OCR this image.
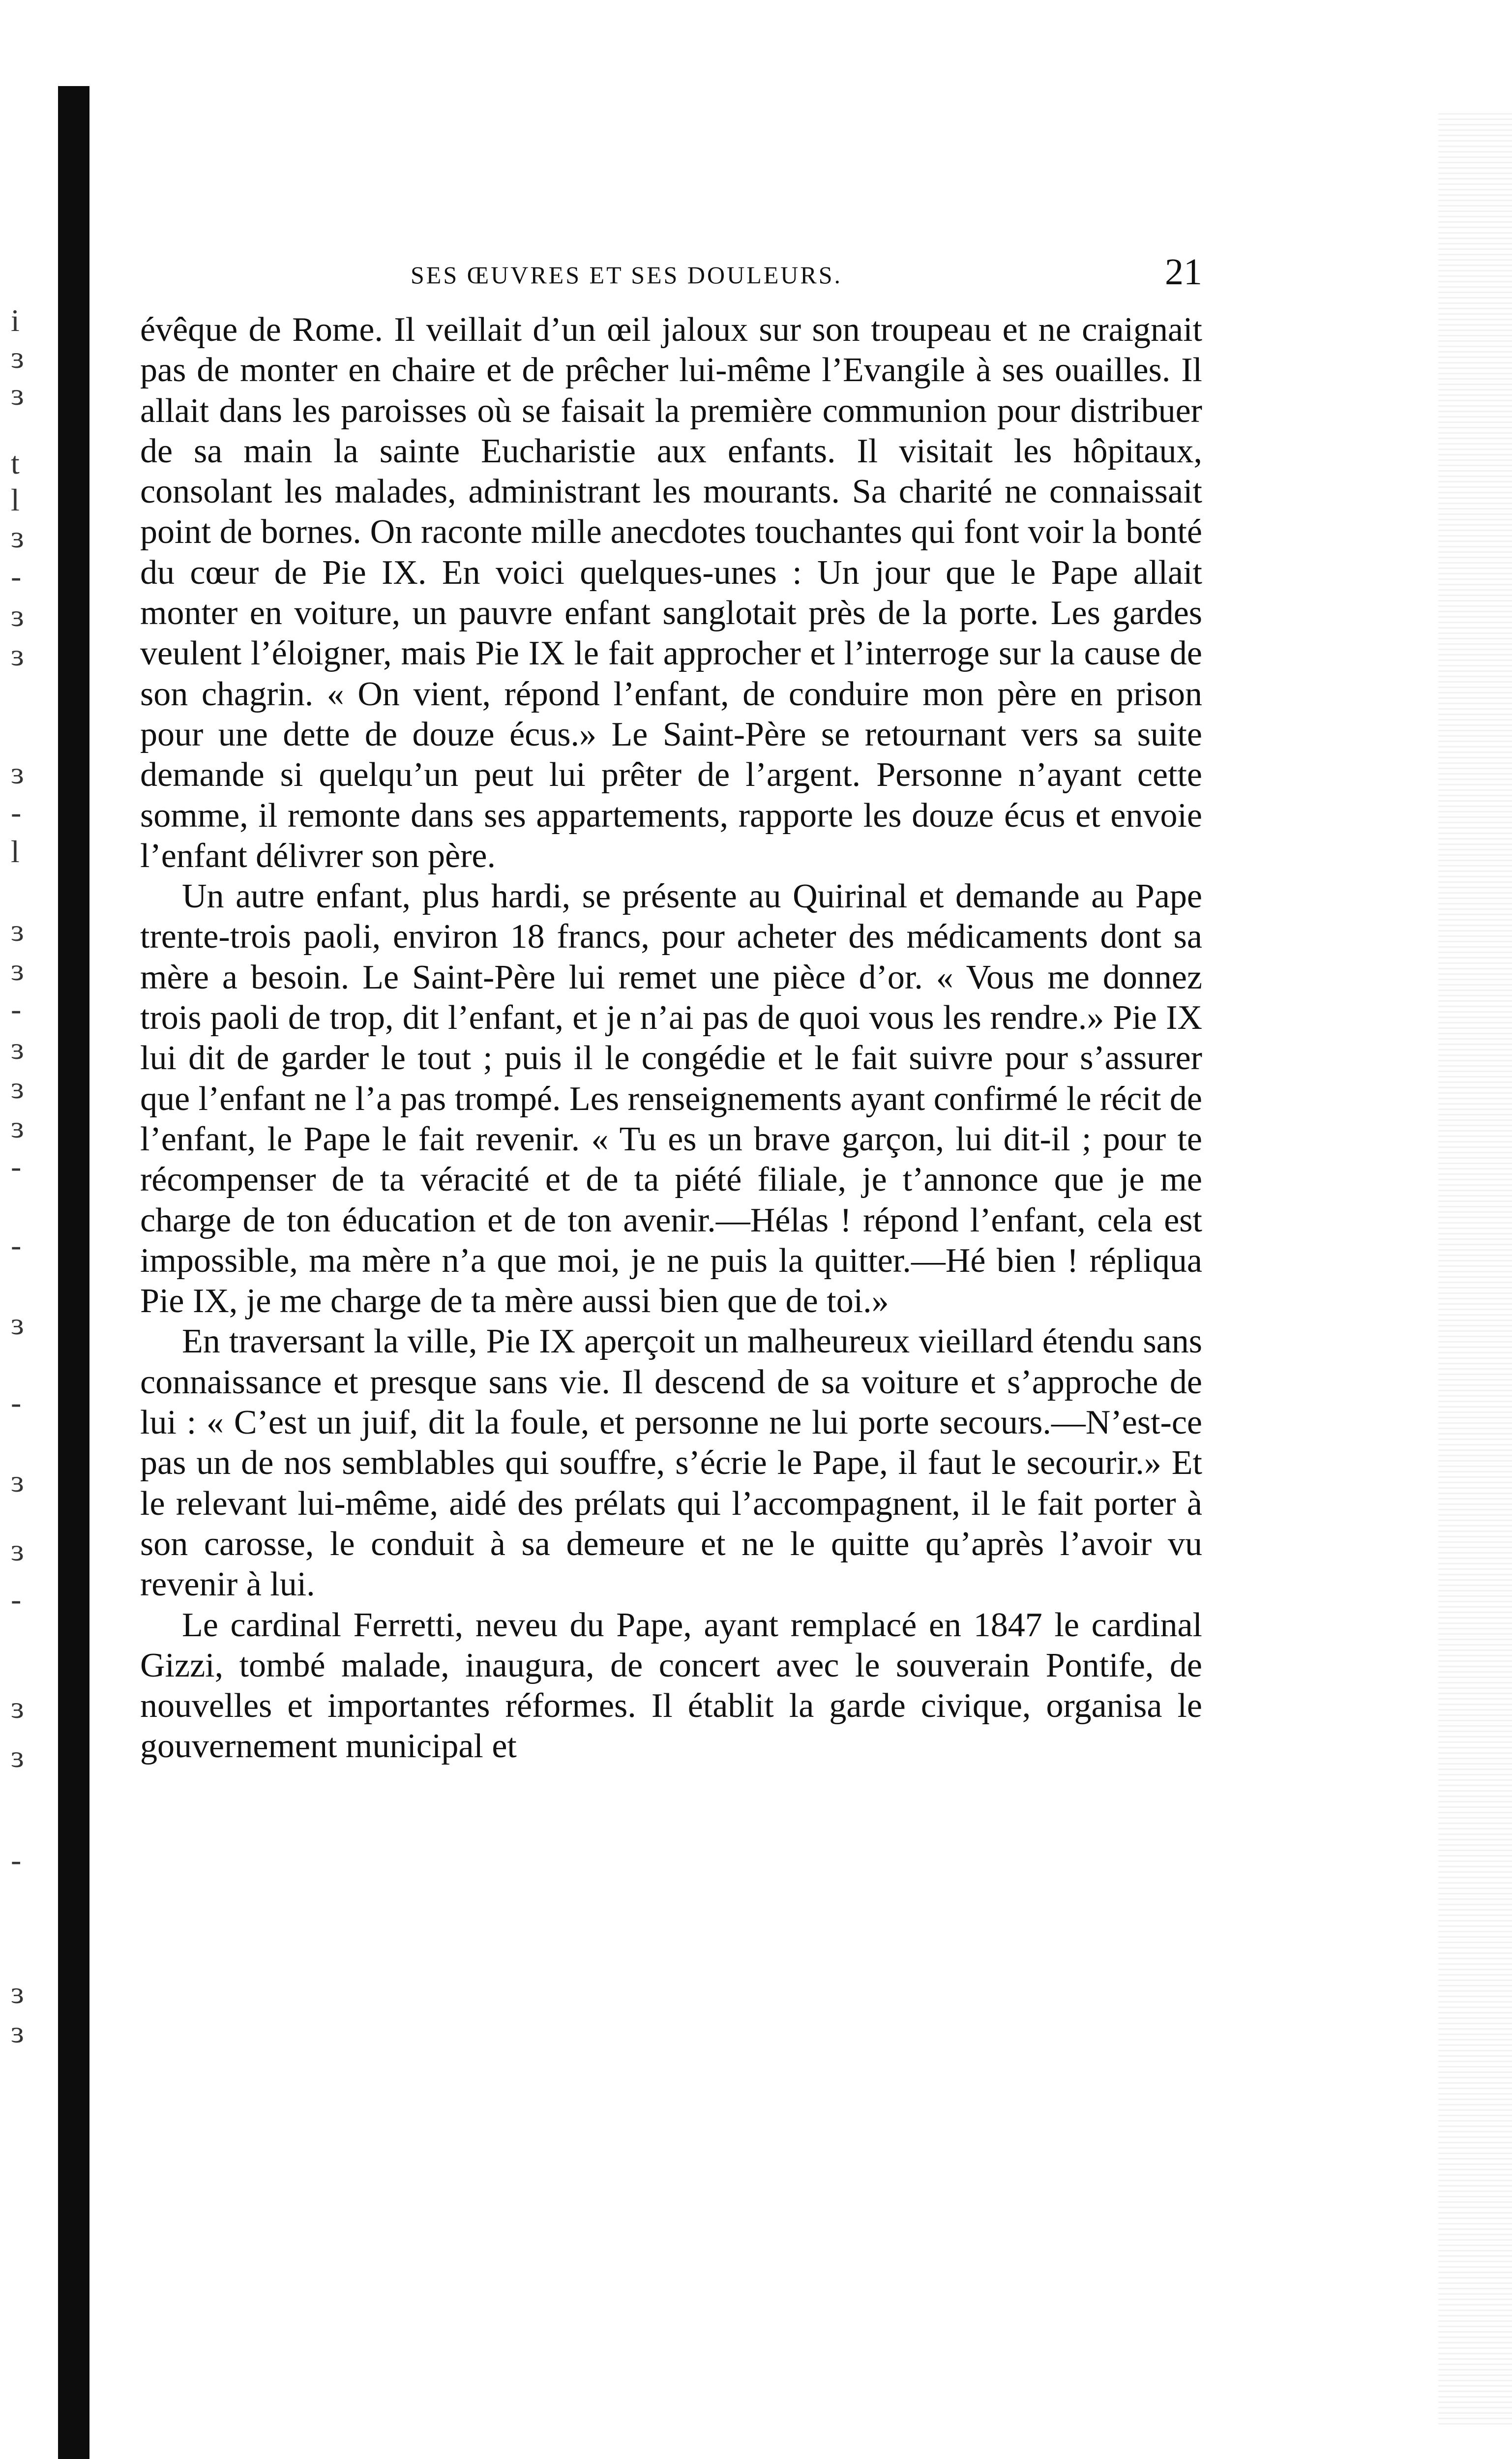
i
ɜ
ɜ
t
l
ɜ
-
ɜ
ɜ
ɜ
-
l
ɜ
ɜ
-
ɜ
ɜ
ɜ
-
-
ɜ
-
ɜ
ɜ
-
ɜ
ɜ
-
ɜ
ɜ
SES ŒUVRES ET SES DOULEURS.	21

évêque de Rome. Il veillait d’un œil jaloux sur son troupeau et ne craignait pas de monter en chaire et de prêcher lui-même l’Evangile à ses ouailles. Il allait dans les paroisses où se faisait la première communion pour distribuer de sa main la sainte Eucharistie aux enfants. Il visitait les hôpitaux, consolant les malades, administrant les mourants. Sa charité ne connaissait point de bornes. On raconte mille anecdotes touchantes qui font voir la bonté du cœur de Pie IX. En voici quelques-unes : Un jour que le Pape allait monter en voiture, un pauvre enfant sanglotait près de la porte. Les gardes veulent l’éloigner, mais Pie IX le fait approcher et l’interroge sur la cause de son chagrin. « On vient, répond l’enfant, de conduire mon père en prison pour une dette de douze écus.» Le Saint-Père se retournant vers sa suite demande si quelqu’un peut lui prêter de l’argent. Personne n’ayant cette somme, il remonte dans ses appartements, rapporte les douze écus et envoie l’enfant délivrer son père.

Un autre enfant, plus hardi, se présente au Quirinal et demande au Pape trente-trois paoli, environ 18 francs, pour acheter des médicaments dont sa mère a besoin. Le Saint-Père lui remet une pièce d’or. « Vous me donnez trois paoli de trop, dit l’enfant, et je n’ai pas de quoi vous les rendre.» Pie IX lui dit de garder le tout ; puis il le congédie et le fait suivre pour s’assurer que l’enfant ne l’a pas trompé. Les renseignements ayant confirmé le récit de l’enfant, le Pape le fait revenir. « Tu es un brave garçon, lui dit-il ; pour te récompenser de ta véracité et de ta piété filiale, je t’annonce que je me charge de ton éducation et de ton avenir.—Hélas ! répond l’enfant, cela est impossible, ma mère n’a que moi, je ne puis la quitter.—Hé bien ! répliqua Pie IX, je me charge de ta mère aussi bien que de toi.»

En traversant la ville, Pie IX aperçoit un malheureux vieillard étendu sans connaissance et presque sans vie. Il descend de sa voiture et s’approche de lui : « C’est un juif, dit la foule, et personne ne lui porte secours.—N’est-ce pas un de nos semblables qui souffre, s’écrie le Pape, il faut le secourir.» Et le relevant lui-même, aidé des prélats qui l’accompagnent, il le fait porter à son carosse, le conduit à sa demeure et ne le quitte qu’après l’avoir vu revenir à lui.

Le cardinal Ferretti, neveu du Pape, ayant remplacé en 1847 le cardinal Gizzi, tombé malade, inaugura, de concert avec le souverain Pontife, de nouvelles et importantes réformes. Il établit la garde civique, organisa le gouvernement municipal et
